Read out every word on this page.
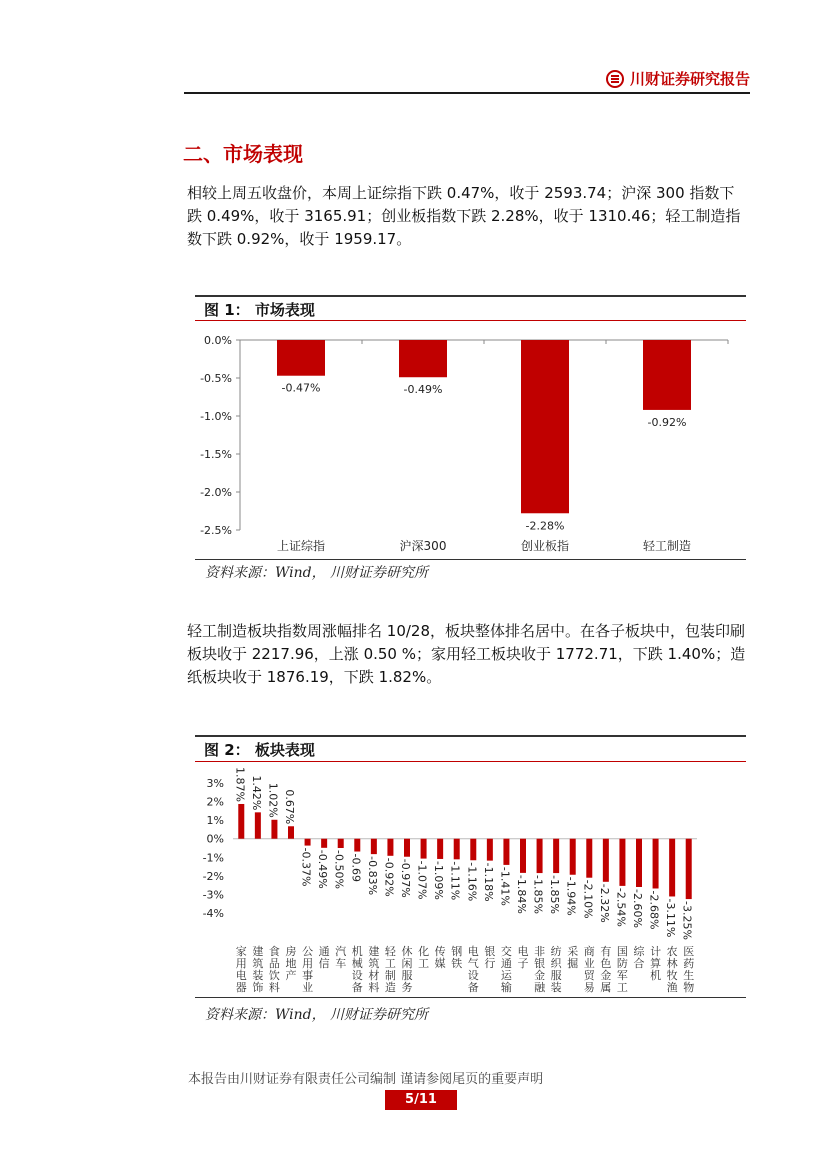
川财证券研究报告
二、市场表现
相较上周五收盘价，本周上证综指下跌 0.47%，收于 2593.74；沪深 300 指数下跌 0.49%，收于 3165.91；创业板指数下跌 2.28%，收于 1310.46；轻工制造指数下跌 0.92%，收于 1959.17。
图 1： 市场表现
0.0%
-0.5%
-1.0%
-1.5%
-2.0%
-2.5%
-0.47%
上证综指
-0.49%
沪深300
-2.28%
创业板指
-0.92%
轻工制造
资料来源：Wind， 川财证券研究所
轻工制造板块指数周涨幅排名 10/28，板块整体排名居中。在各子板块中，包装印刷板块收于 2217.96，上涨 0.50 %；家用轻工板块收于 1772.71，下跌 1.40%；造纸板块收于 1876.19，下跌 1.82%。
图 2： 板块表现
3%
2%
1%
0%
-1%
-2%
-3%
-4%
1.87%
家用电器
1.42%
建筑装饰
1.02%
食品饮料
0.67%
房地产
-0.37%
公用事业
-0.49%
通信
-0.50%
汽车
-0.69
机械设备
-0.83%
建筑材料
-0.92%
轻工制造
-0.97%
休闲服务
-1.07%
化工
-1.09%
传媒
-1.11%
钢铁
-1.16%
电气设备
-1.18%
银行
-1.41%
交通运输
-1.84%
电子
-1.85%
非银金融
-1.85%
纺织服装
-1.94%
采掘
-2.10%
商业贸易
-2.32%
有色金属
-2.54%
国防军工
-2.60%
综合
-2.68%
计算机
-3.11%
农林牧渔
-3.25%
医药生物
资料来源：Wind， 川财证券研究所
本报告由川财证券有限责任公司编制 谨请参阅尾页的重要声明
5/11
